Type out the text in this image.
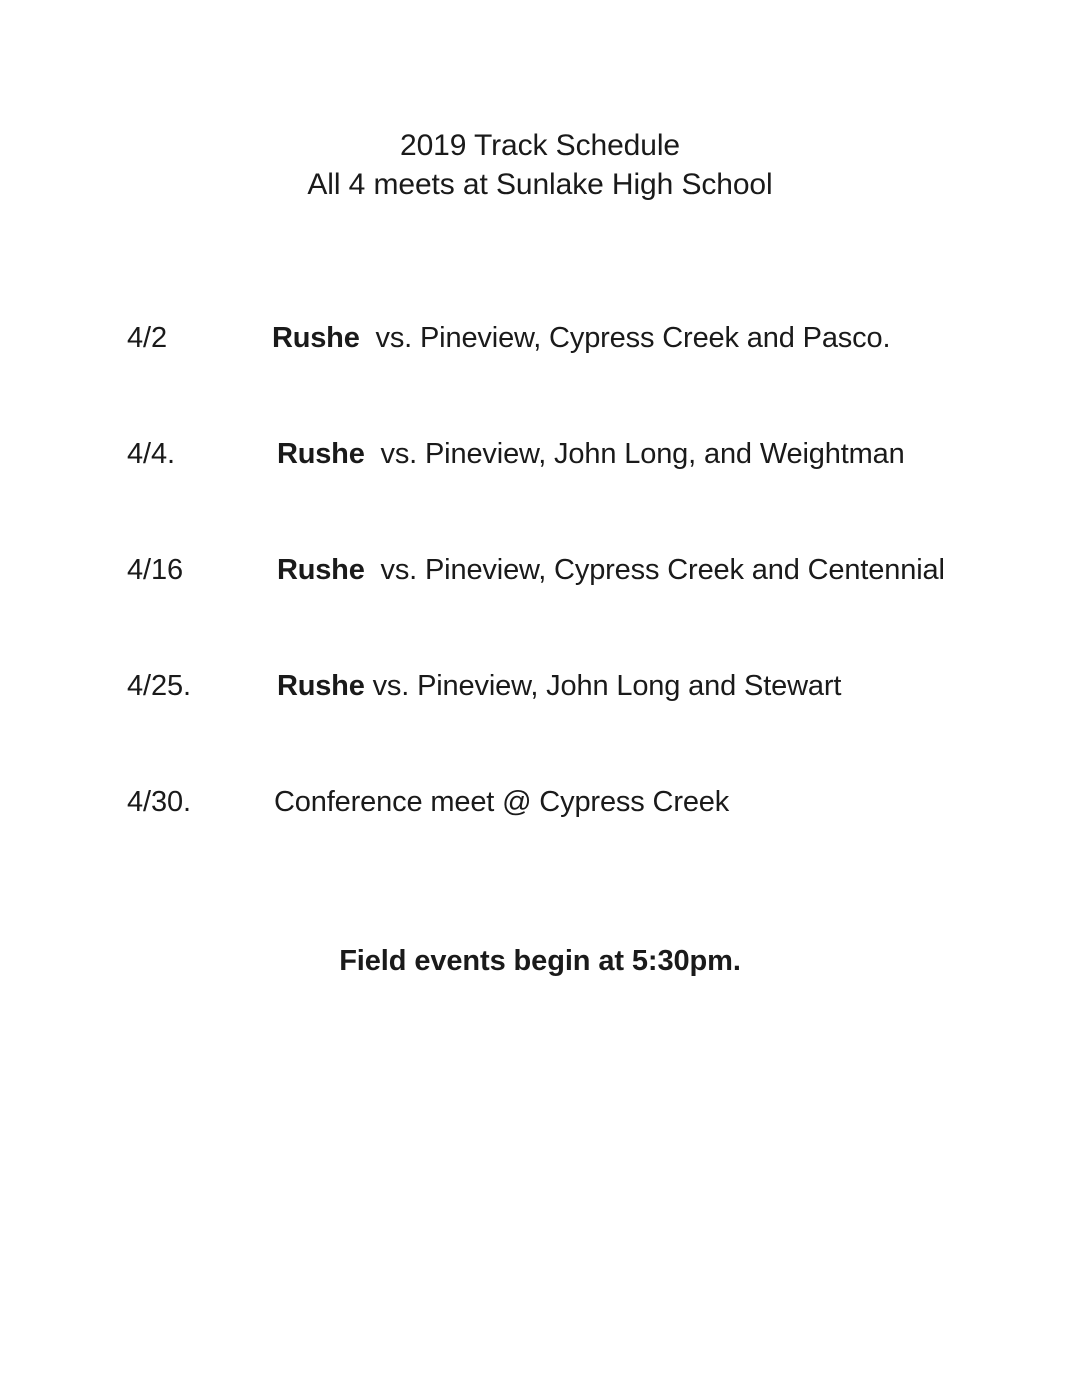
2019 Track Schedule
All 4 meets at Sunlake High School
4/2	Rushe vs. Pineview, Cypress Creek and Pasco.
4/4.	Rushe vs. Pineview, John Long, and Weightman
4/16	Rushe vs. Pineview, Cypress Creek and Centennial
4/25.	Rushe vs. Pineview, John Long and Stewart
4/30.	Conference meet @ Cypress Creek
Field events begin at 5:30pm.
